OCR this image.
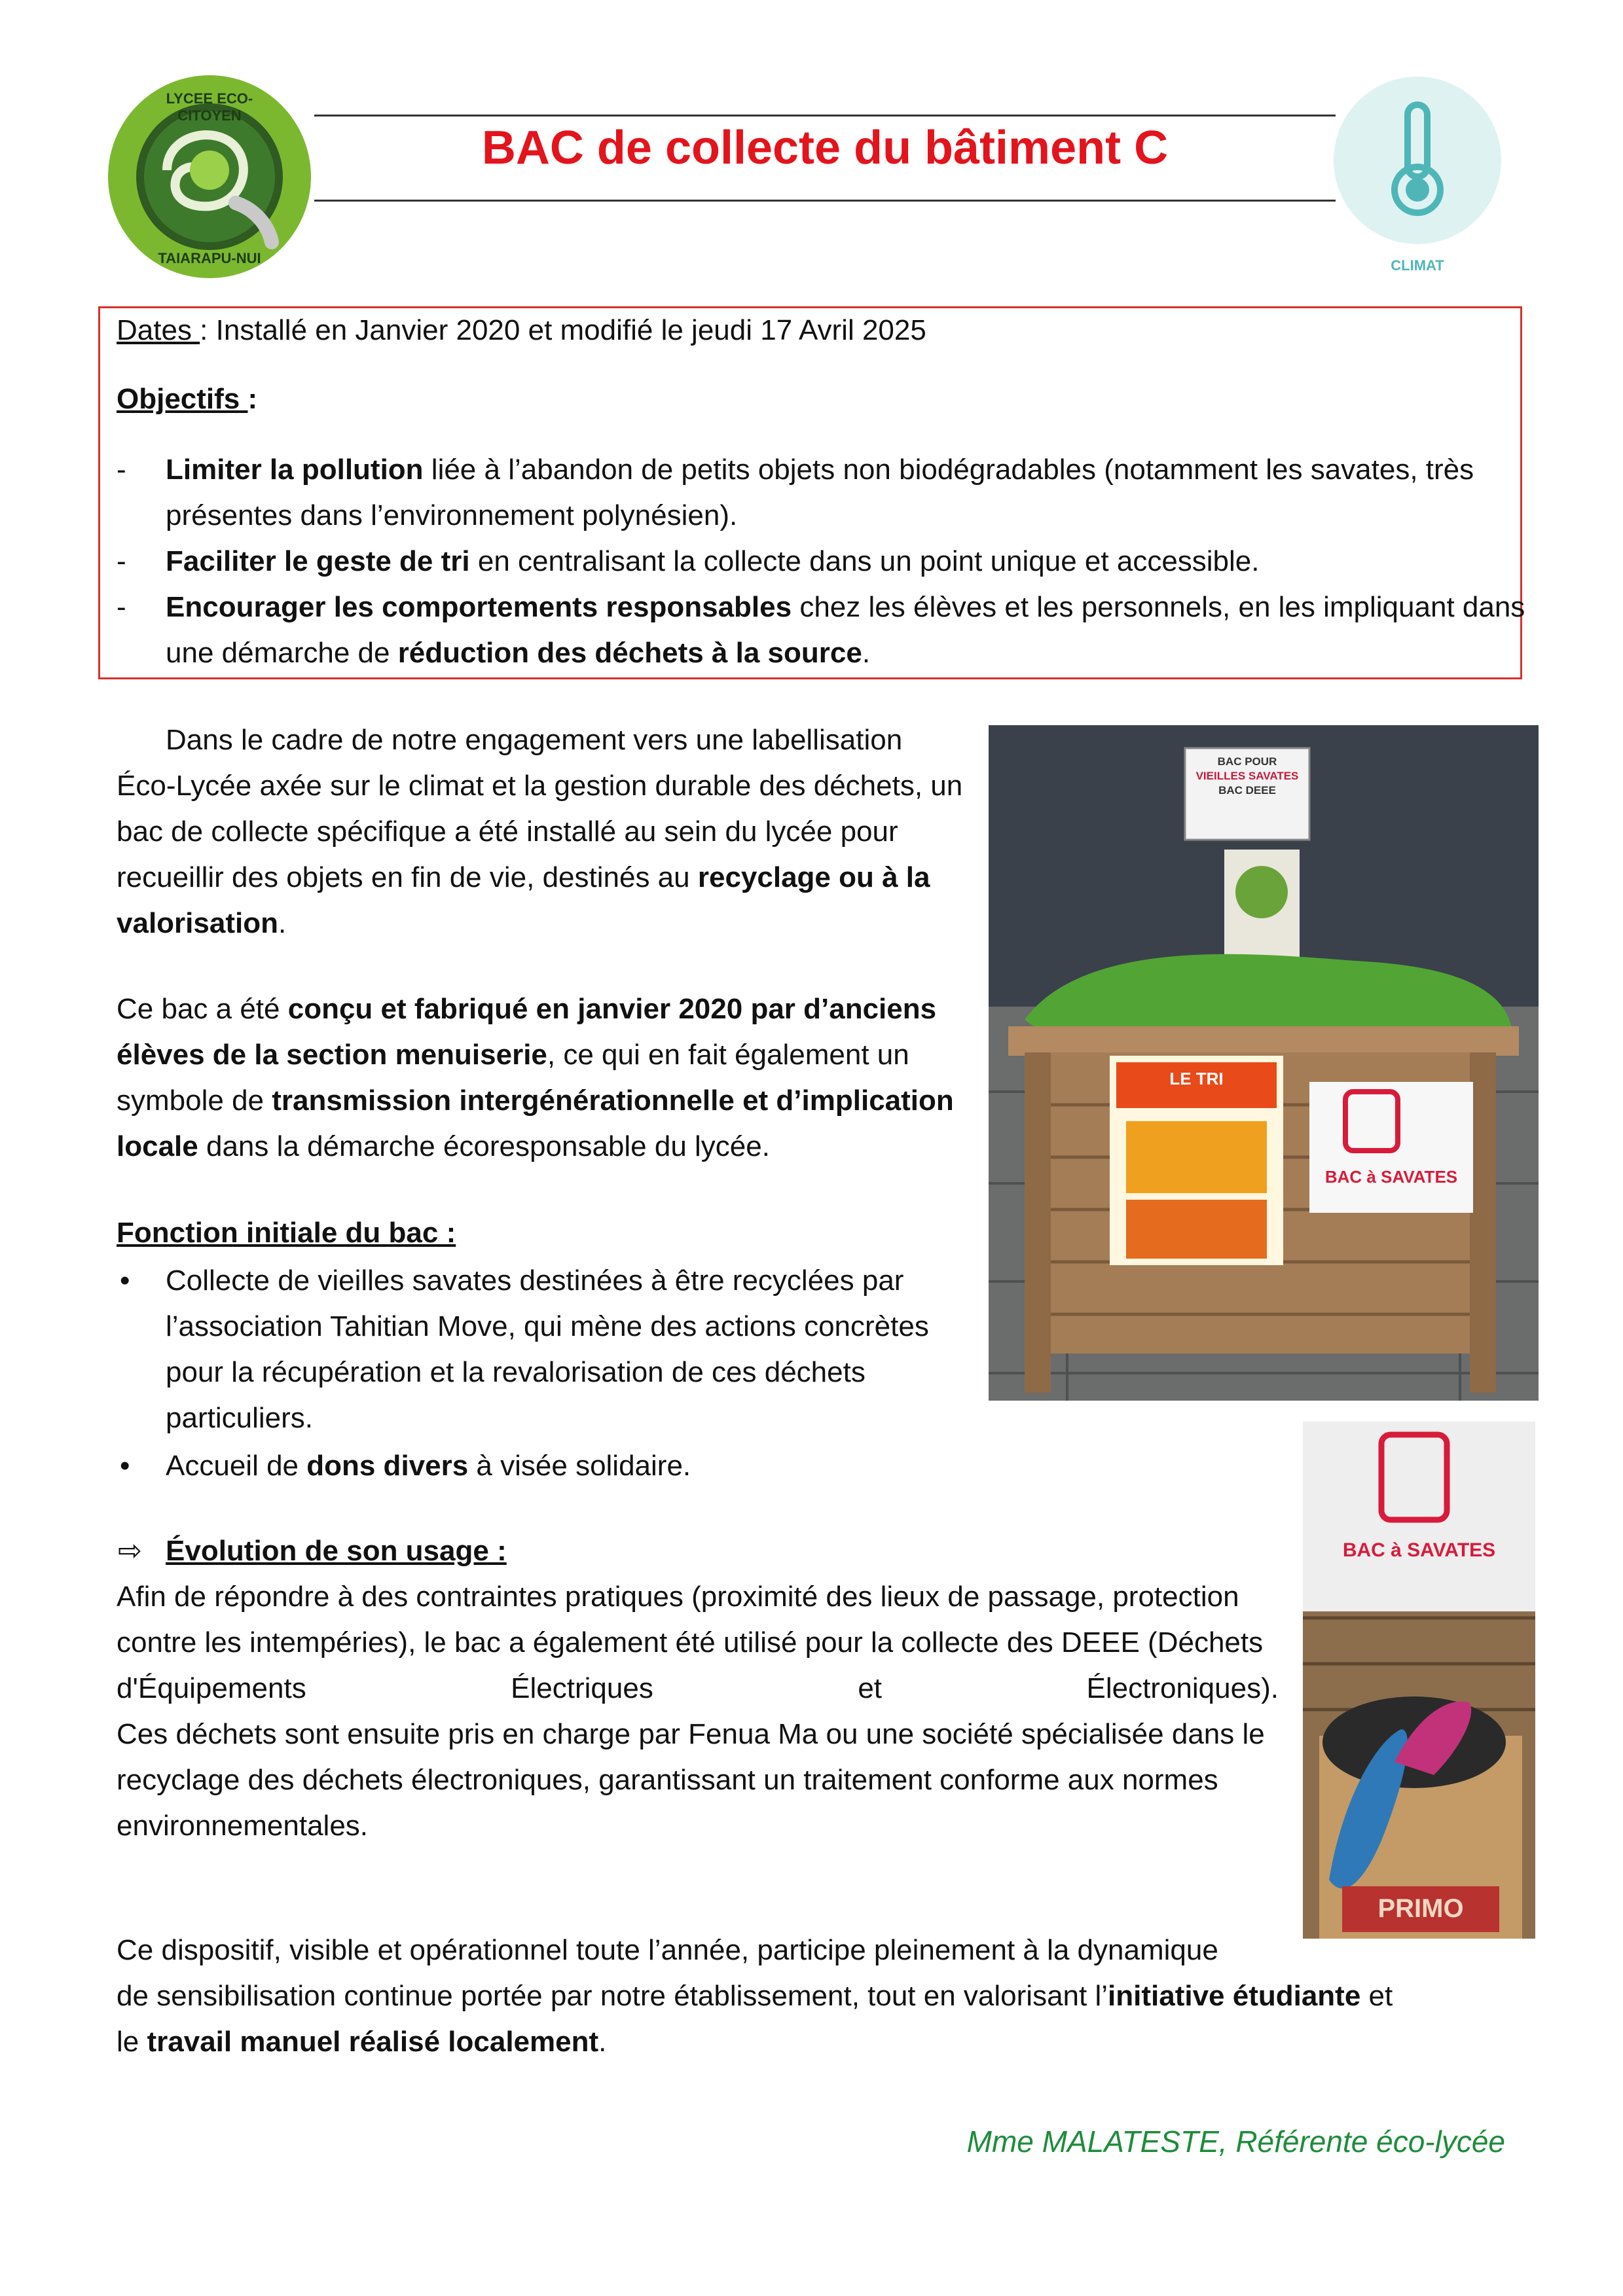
LYCEE ECO-CITOYEN
TAIARAPU-NUI
BAC de collecte du bâtiment C
CLIMAT
Dates : Installé en Janvier 2020 et modifié le jeudi 17 Avril 2025
Objectifs :
- Limiter la pollution liée à l’abandon de petits objets non biodégradables (notamment les savates, très
présentes dans l’environnement polynésien).
- Faciliter le geste de tri en centralisant la collecte dans un point unique et accessible.
- Encourager les comportements responsables chez les élèves et les personnels, en les impliquant dans
une démarche de réduction des déchets à la source.
Dans le cadre de notre engagement vers une labellisation
Éco-Lycée axée sur le climat et la gestion durable des déchets, un
bac de collecte spécifique a été installé au sein du lycée pour
recueillir des objets en fin de vie, destinés au recyclage ou à la
valorisation.
Ce bac a été conçu et fabriqué en janvier 2020 par d’anciens
élèves de la section menuiserie, ce qui en fait également un
symbole de transmission intergénérationnelle et d’implication
locale dans la démarche écoresponsable du lycée.
Fonction initiale du bac :
• Collecte de vieilles savates destinées à être recyclées par
l’association Tahitian Move, qui mène des actions concrètes
pour la récupération et la revalorisation de ces déchets
particuliers.
• Accueil de dons divers à visée solidaire.
⇨ Évolution de son usage :
Afin de répondre à des contraintes pratiques (proximité des lieux de passage, protection
contre les intempéries), le bac a également été utilisé pour la collecte des DEEE (Déchets
d'Équipements	Électriques	et	Électroniques).
Ces déchets sont ensuite pris en charge par Fenua Ma ou une société spécialisée dans le
recyclage des déchets électroniques, garantissant un traitement conforme aux normes
environnementales.
Ce dispositif, visible et opérationnel toute l’année, participe pleinement à la dynamique
de sensibilisation continue portée par notre établissement, tout en valorisant l’initiative étudiante et
le travail manuel réalisé localement.
Mme MALATESTE, Référente éco-lycée
BAC POUR
VIEILLES SAVATES
BAC DEEE
LE TRI
BAC à SAVATES
BAC à SAVATES
PRIMO
